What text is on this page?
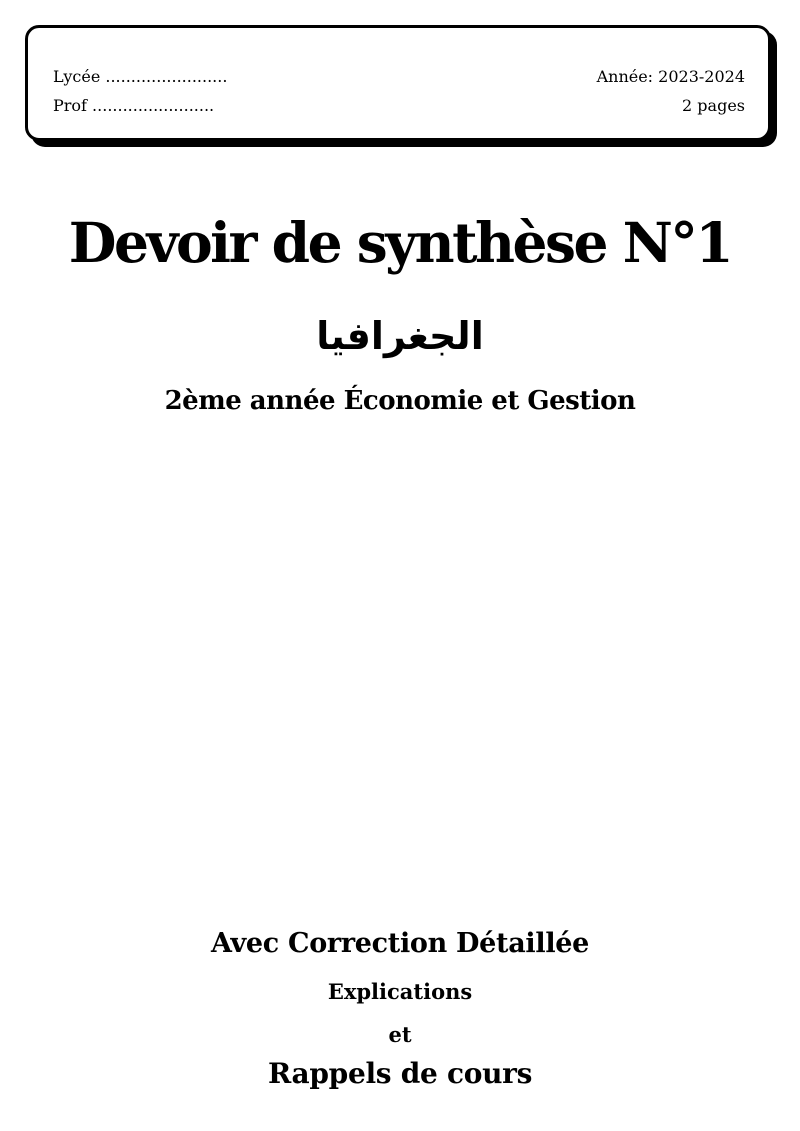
Lycée ........................
Prof ........................
Année: 2023-2024
2 pages
Devoir de synthèse N°1
الجغرافيا
2ème année Économie et Gestion
Avec Correction Détaillée
Explications
et
Rappels de cours
